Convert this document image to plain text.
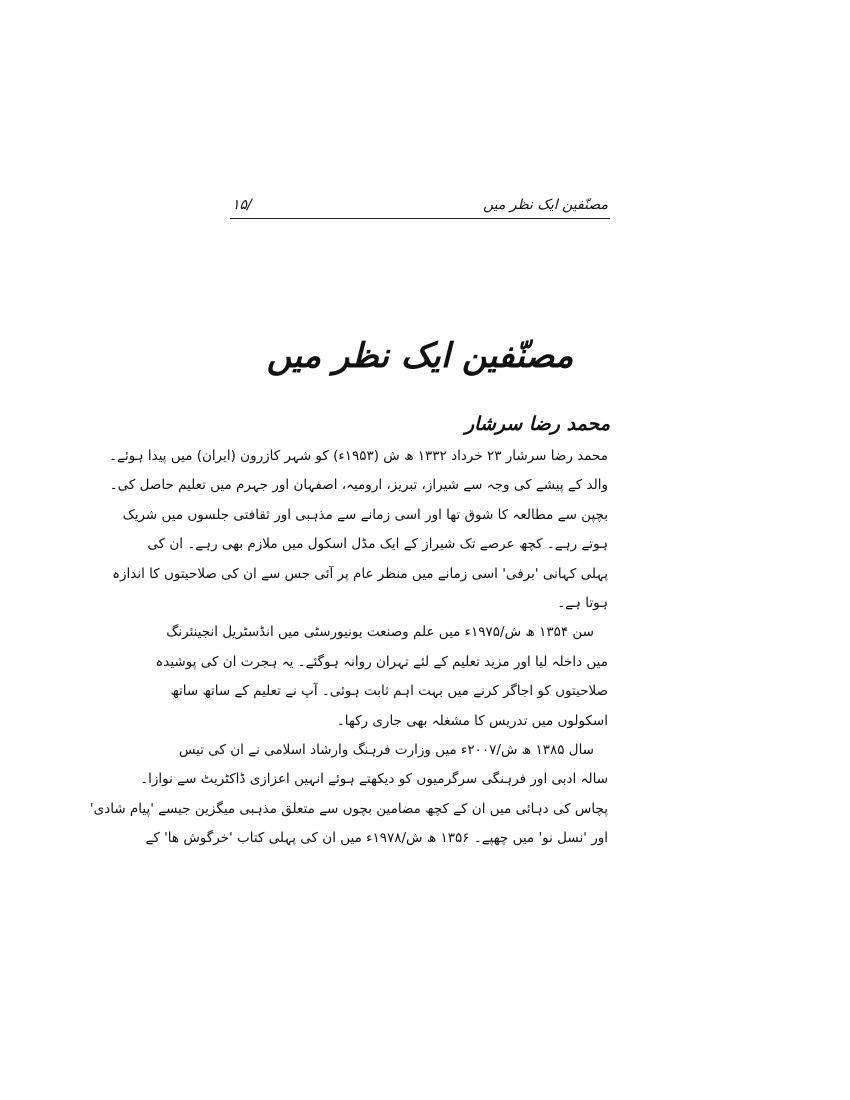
مصنّفین ایک نظر میں
۱۵/
مصنّفین ایک نظر میں
محمد رضا سرشار
محمد رضا سرشار ۲۳ خرداد ۱۳۳۲ ھ ش (۱۹۵۳ء) کو شہر کازرون (ایران) میں پیدا ہوئے۔
والد کے پیشے کی وجہ سے شیراز، تبریز، ارومیہ، اصفہان اور جہرم میں تعلیم حاصل کی۔
بچپن سے مطالعہ کا شوق تھا اور اسی زمانے سے مذہبی اور ثقافتی جلسوں میں شریک
ہوتے رہے۔ کچھ عرصے تک شیراز کے ایک مڈل اسکول میں ملازم بھی رہے۔ ان کی
پہلی کہانی 'برفی' اسی زمانے میں منظر عام پر آئی جس سے ان کی صلاحیتوں کا اندازہ
ہوتا ہے۔
سن ۱۳۵۴ ھ ش/۱۹۷۵ء میں علم وصنعت یونیورسٹی میں انڈسٹریل انجینئرنگ
میں داخلہ لیا اور مزید تعلیم کے لئے تہران روانہ ہوگئے۔ یہ ہجرت ان کی پوشیدہ
صلاحیتوں کو اجاگر کرنے میں بہت اہم ثابت ہوئی۔ آپ نے تعلیم کے ساتھ ساتھ
اسکولوں میں تدریس کا مشغلہ بھی جاری رکھا۔
سال ۱۳۸۵ ھ ش/۲۰۰۷ء میں وزارت فرہنگ وارشاد اسلامی نے ان کی تیس
سالہ ادبی اور فرہنگی سرگرمیوں کو دیکھتے ہوئے انہیں اعزازی ڈاکٹریٹ سے نوازا۔
پچاس کی دہائی میں ان کے کچھ مضامین بچوں سے متعلق مذہبی میگزین جیسے 'پیام شادی'
اور 'نسل نو' میں چھپے۔ ۱۳۵۶ ھ ش/۱۹۷۸ء میں ان کی پہلی کتاب 'خرگوش ها' کے
